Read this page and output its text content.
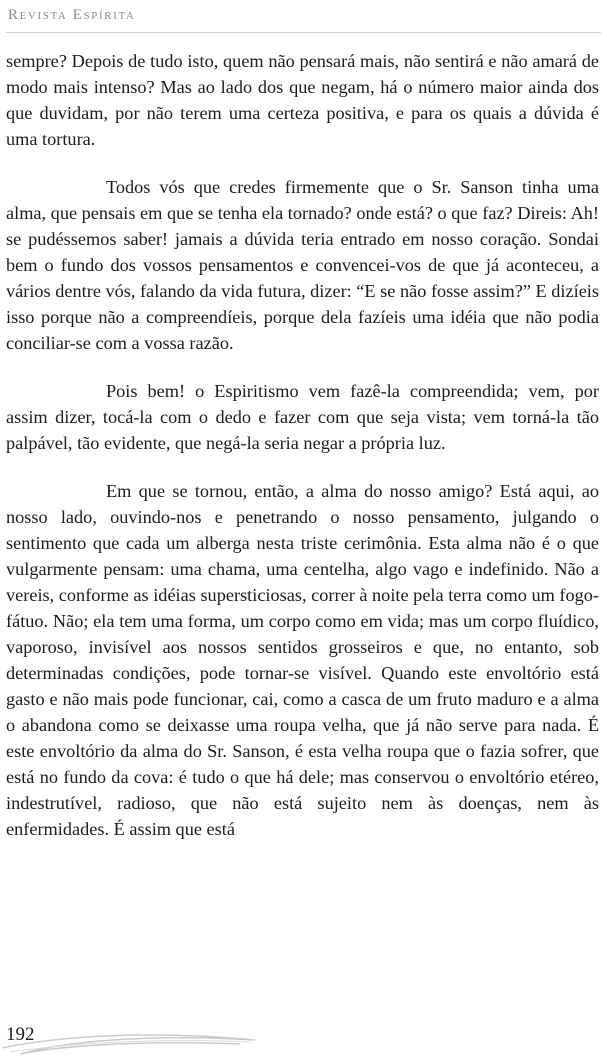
Revista Espírita

sempre? Depois de tudo isto, quem não pensará mais, não sentirá e não amará de modo mais intenso? Mas ao lado dos que negam, há o número maior ainda dos que duvidam, por não terem uma certeza positiva, e para os quais a dúvida é uma tortura.

Todos vós que credes firmemente que o Sr. Sanson tinha uma alma, que pensais em que se tenha ela tornado? onde está? o que faz? Direis: Ah! se pudéssemos saber! jamais a dúvida teria entrado em nosso coração. Sondai bem o fundo dos vossos pensamentos e convencei-vos de que já aconteceu, a vários dentre vós, falando da vida futura, dizer: “E se não fosse assim?” E dizíeis isso porque não a compreendíeis, porque dela fazíeis uma idéia que não podia conciliar-se com a vossa razão.

Pois bem! o Espiritismo vem fazê-la compreendida; vem, por assim dizer, tocá-la com o dedo e fazer com que seja vista; vem torná-la tão palpável, tão evidente, que negá-la seria negar a própria luz.

Em que se tornou, então, a alma do nosso amigo? Está aqui, ao nosso lado, ouvindo-nos e penetrando o nosso pensamento, julgando o sentimento que cada um alberga nesta triste cerimônia. Esta alma não é o que vulgarmente pensam: uma chama, uma centelha, algo vago e indefinido. Não a vereis, conforme as idéias supersticiosas, correr à noite pela terra como um fogo-fátuo. Não; ela tem uma forma, um corpo como em vida; mas um corpo fluídico, vaporoso, invisível aos nossos sentidos grosseiros e que, no entanto, sob determinadas condições, pode tornar-se visível. Quando este envoltório está gasto e não mais pode funcionar, cai, como a casca de um fruto maduro e a alma o abandona como se deixasse uma roupa velha, que já não serve para nada. É este envoltório da alma do Sr. Sanson, é esta velha roupa que o fazia sofrer, que está no fundo da cova: é tudo o que há dele; mas conservou o envoltório etéreo, indestrutível, radioso, que não está sujeito nem às doenças, nem às enfermidades. É assim que está

192
